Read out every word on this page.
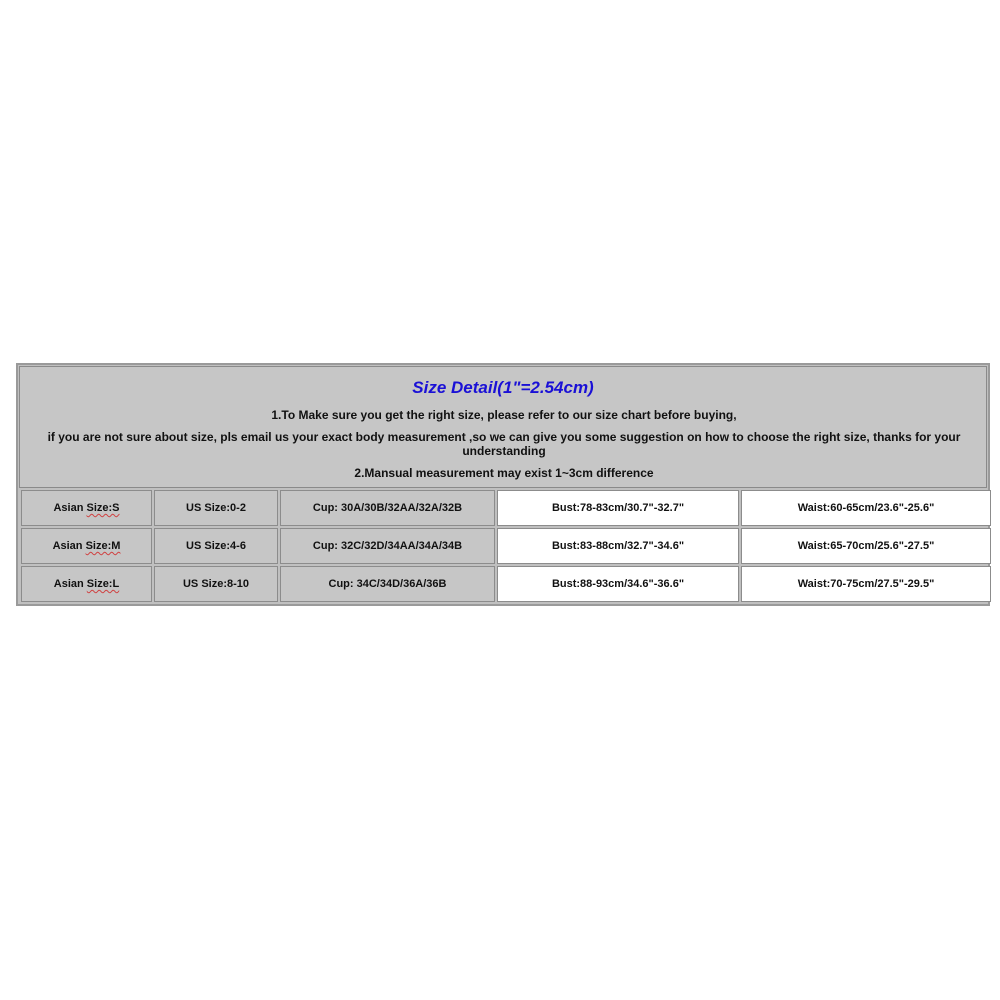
Size Detail(1"=2.54cm)
1.To Make sure you get the right size, please refer to our size chart before buying,
if you are not sure about size, pls email us your exact body measurement ,so we can give you some suggestion on how to choose the right size, thanks for your understanding
2.Mansual measurement may exist 1~3cm difference
Asian Size:S	US Size:0-2	Cup: 30A/30B/32AA/32A/32B	Bust:78-83cm/30.7"-32.7"	Waist:60-65cm/23.6"-25.6"
Asian Size:M	US Size:4-6	Cup: 32C/32D/34AA/34A/34B	Bust:83-88cm/32.7"-34.6"	Waist:65-70cm/25.6"-27.5"
Asian Size:L	US Size:8-10	Cup: 34C/34D/36A/36B	Bust:88-93cm/34.6"-36.6"	Waist:70-75cm/27.5"-29.5"
